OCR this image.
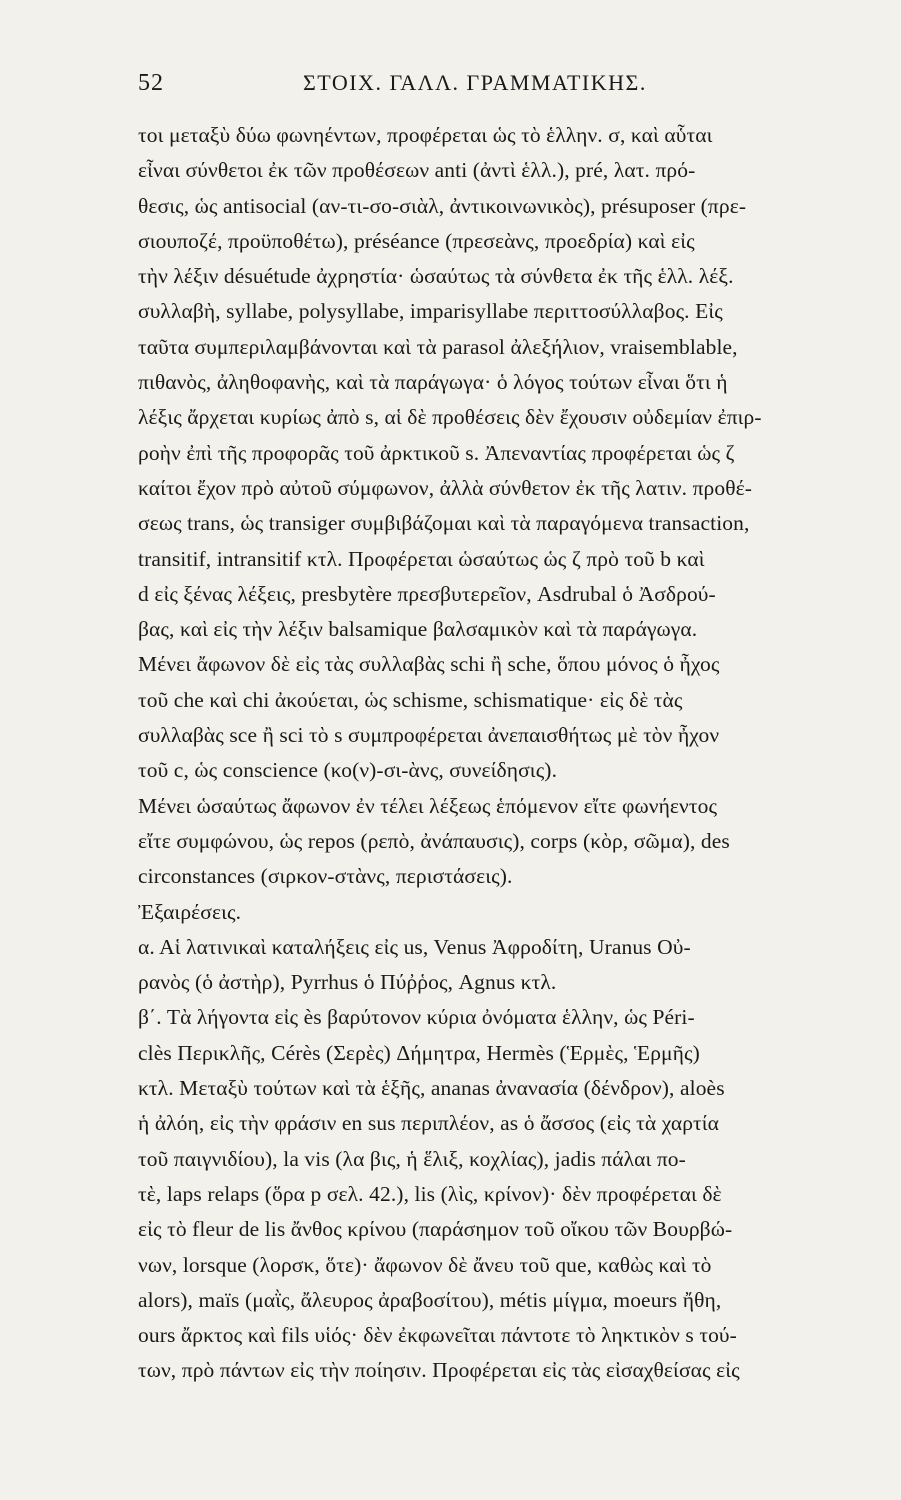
52	ΣΤΟΙΧ. ΓΑΛΛ. ΓΡΑΜΜΑΤΙΚΗΣ.
τοι μεταξὺ δύω φωνηέντων, προφέρεται ὡς τὸ ἑλλην. σ, καὶ αὗται
εἶναι σύνθετοι ἐκ τῶν προθέσεων anti (ἀντὶ ἑλλ.), pré, λατ. πρό-
θεσις, ὡς antisocial (αν-τι-σο-σιὰλ, ἀντικοινωνικὸς), présuposer (πρε-
σιουποζέ, προϋποθέτω), préséance (πρεσεὰνς, προεδρία) καὶ εἰς
τὴν λέξιν désuétude ἀχρηστία· ὡσαύτως τὰ σύνθετα ἐκ τῆς ἑλλ. λέξ.
συλλαβὴ, syllabe, polysyllabe, imparisyllabe περιττοσύλλαβος. Εἰς
ταῦτα συμπεριλαμβάνονται καὶ τὰ parasol ἀλεξήλιον, vraisemblable,
πιθανὸς, ἀληθοφανὴς, καὶ τὰ παράγωγα· ὁ λόγος τούτων εἶναι ὅτι ἡ
λέξις ἄρχεται κυρίως ἀπὸ s, αἱ δὲ προθέσεις δὲν ἔχουσιν οὐδεμίαν ἐπιρ-
ροὴν ἐπὶ τῆς προφορᾶς τοῦ ἀρκτικοῦ s. Ἀπεναντίας προφέρεται ὡς ζ
καίτοι ἔχον πρὸ αὐτοῦ σύμφωνον, ἀλλὰ σύνθετον ἐκ τῆς λατιν. προθέ-
σεως trans, ὡς transiger συμβιβάζομαι καὶ τὰ παραγόμενα transaction,
transitif, intransitif κτλ. Προφέρεται ὡσαύτως ὡς ζ πρὸ τοῦ b καὶ
d εἰς ξένας λέξεις, presbytère πρεσβυτερεῖον, Asdrubal ὁ Ἀσδρού-
βας, καὶ εἰς τὴν λέξιν balsamique βαλσαμικὸν καὶ τὰ παράγωγα.
Μένει ἄφωνον δὲ εἰς τὰς συλλαβὰς schi ἢ sche, ὅπου μόνος ὁ ἦχος
τοῦ che καὶ chi ἀκούεται, ὡς schisme, schismatique· εἰς δὲ τὰς
συλλαβὰς sce ἢ sci τὸ s συμπροφέρεται ἀνεπαισθήτως μὲ τὸν ἦχον
τοῦ c, ὡς conscience (κο(ν)-σι-ὰνς, συνείδησις).
Μένει ὡσαύτως ἄφωνον ἐν τέλει λέξεως ἑπόμενον εἴτε φωνήεντος
εἴτε συμφώνου, ὡς repos (ρεπὸ, ἀνάπαυσις), corps (κὸρ, σῶμα), des
circonstances (σιρκον-στὰνς, περιστάσεις).
Ἐξαιρέσεις.
α. Αἱ λατινικαὶ καταλήξεις εἰς us, Venus Ἀφροδίτη, Uranus Οὐ-
ρανὸς (ὁ ἀστὴρ), Pyrrhus ὁ Πύῤῥος, Agnus κτλ.
β΄. Τὰ λήγοντα εἰς ès βαρύτονον κύρια ὀνόματα ἑλλην, ὡς Péri-
clès Περικλῆς, Cérès (Σερὲς) Δήμητρα, Hermès (Ἑρμὲς, Ἑρμῆς)
κτλ. Μεταξὺ τούτων καὶ τὰ ἑξῆς, ananas ἀνανασία (δένδρον), aloès
ἡ ἀλόη, εἰς τὴν φράσιν en sus περιπλέον, as ὁ ἄσσος (εἰς τὰ χαρτία
τοῦ παιγνιδίου), la vis (λα βις, ἡ ἕλιξ, κοχλίας), jadis πάλαι πο-
τὲ, laps relaps (ὅρα p σελ. 42.), lis (λὶς, κρίνον)· δὲν προφέρεται δὲ
εἰς τὸ fleur de lis ἄνθος κρίνου (παράσημον τοῦ οἴκου τῶν Βουρβώ-
νων, lorsque (λορσκ, ὅτε)· ἄφωνον δὲ ἄνευ τοῦ que, καθὼς καὶ τὸ
alors), maïs (μαῒς, ἄλευρος ἀραβοσίτου), métis μίγμα, moeurs ἤθη,
ours ἄρκτος καὶ fils υἱός· δὲν ἐκφωνεῖται πάντοτε τὸ ληκτικὸν s τού-
των, πρὸ πάντων εἰς τὴν ποίησιν. Προφέρεται εἰς τὰς εἰσαχθείσας εἰς
